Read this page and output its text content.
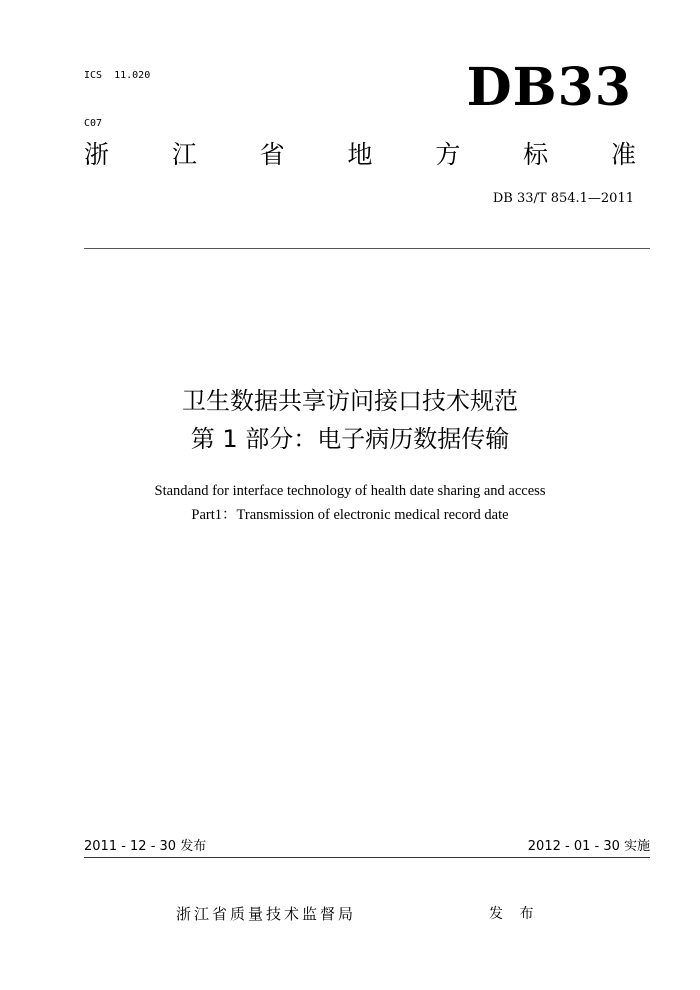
ICS  11.020

C07

DB33
浙	江	省	地	方	标	准
DB 33/T 854.1—2011
卫生数据共享访问接口技术规范
第 1 部分：电子病历数据传输
Standand for interface technology of health date sharing and access
Part1：Transmission of electronic medical record date
2011 - 12 - 30 发布	2012 - 01 - 30 实施
浙江省质量技术监督局	发 布
